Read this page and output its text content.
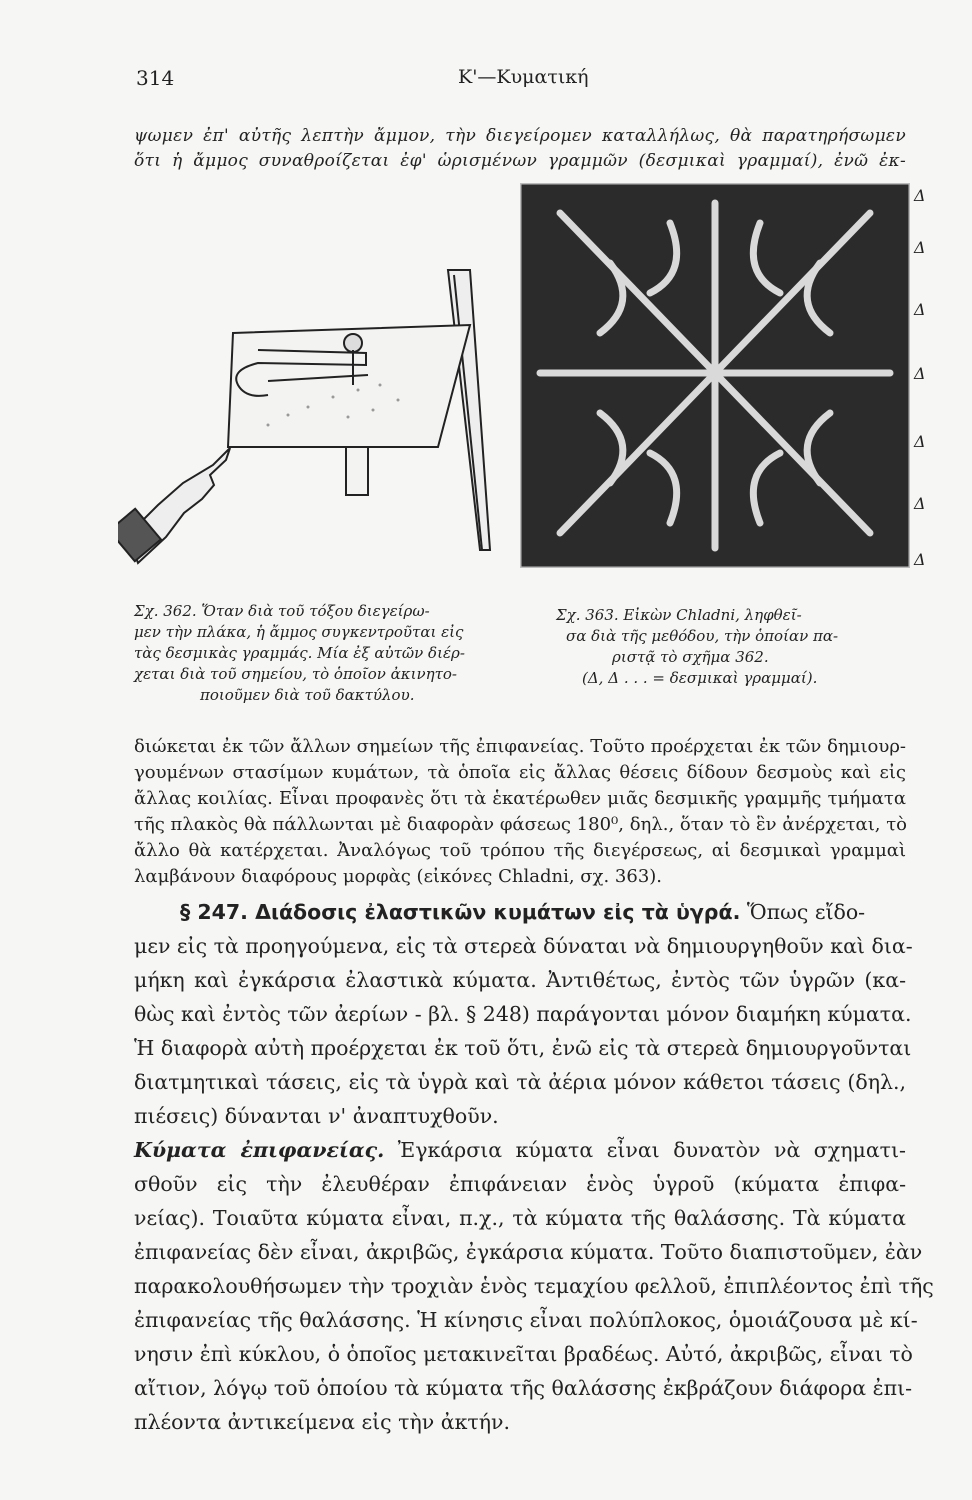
314	Κ'—Κυματική
ψωμεν ἐπ' αὐτῆς λεπτὴν ἄμμον, τὴν διεγείρομεν καταλλήλως, θὰ παρατηρήσωμεν
ὅτι ἡ ἄμμος συναθροίζεται ἐφ' ὡρισμένων γραμμῶν (δεσμικαὶ γραμμαί), ἐνῶ ἐκ-
Σχ. 362. Ὅταν διὰ τοῦ τόξου διεγείρω-
μεν τὴν πλάκα, ἡ ἄμμος συγκεντροῦται εἰς
τὰς δεσμικὰς γραμμάς. Μία ἐξ αὐτῶν διέρ-
χεται διὰ τοῦ σημείου, τὸ ὁποῖον ἀκινητο-
ποιοῦμεν διὰ τοῦ δακτύλου.
Δ
Δ
Δ
Δ
Δ
Δ
Δ
Σχ. 363. Εἰκὼν Chladni, ληφθεῖ-
σα διὰ τῆς μεθόδου, τὴν ὁποίαν πα-
ριστᾷ τὸ σχῆμα 362.
(Δ, Δ . . . = δεσμικαὶ γραμμαί).
διώκεται ἐκ τῶν ἄλλων σημείων τῆς ἐπιφανείας. Τοῦτο προέρχεται ἐκ τῶν δημιουρ-
γουμένων στασίμων κυμάτων, τὰ ὁποῖα εἰς ἄλλας θέσεις δίδουν δεσμοὺς καὶ εἰς
ἄλλας κοιλίας. Εἶναι προφανὲς ὅτι τὰ ἑκατέρωθεν μιᾶς δεσμικῆς γραμμῆς τμήματα
τῆς πλακὸς θὰ πάλλωνται μὲ διαφορὰν φάσεως 180⁰, δηλ., ὅταν τὸ ἓν ἀνέρχεται, τὸ
ἄλλο θὰ κατέρχεται. Ἀναλόγως τοῦ τρόπου τῆς διεγέρσεως, αἱ δεσμικαὶ γραμμαὶ
λαμβάνουν διαφόρους μορφὰς (εἰκόνες Chladni, σχ. 363).
§ 247. Διάδοσις ἐλαστικῶν κυμάτων εἰς τὰ ὑγρά. Ὅπως εἴδο-
μεν εἰς τὰ προηγούμενα, εἰς τὰ στερεὰ δύναται νὰ δημιουργηθοῦν καὶ δια-
μήκη καὶ ἐγκάρσια ἐλαστικὰ κύματα. Ἀντιθέτως, ἐντὸς τῶν ὑγρῶν (κα-
θὼς καὶ ἐντὸς τῶν ἀερίων - βλ. § 248) παράγονται μόνον διαμήκη κύματα.
Ἡ διαφορὰ αὐτὴ προέρχεται ἐκ τοῦ ὅτι, ἐνῶ εἰς τὰ στερεὰ δημιουργοῦνται
διατμητικαὶ τάσεις, εἰς τὰ ὑγρὰ καὶ τὰ ἀέρια μόνον κάθετοι τάσεις (δηλ.,
πιέσεις) δύνανται ν' ἀναπτυχθοῦν.
Κύματα ἐπιφανείας. Ἐγκάρσια κύματα εἶναι δυνατὸν νὰ σχηματι-
σθοῦν εἰς τὴν ἐλευθέραν ἐπιφάνειαν ἑνὸς ὑγροῦ (κύματα ἐπιφα-
νείας). Τοιαῦτα κύματα εἶναι, π.χ., τὰ κύματα τῆς θαλάσσης. Τὰ κύματα
ἐπιφανείας δὲν εἶναι, ἀκριβῶς, ἐγκάρσια κύματα. Τοῦτο διαπιστοῦμεν, ἐὰν
παρακολουθήσωμεν τὴν τροχιὰν ἑνὸς τεμαχίου φελλοῦ, ἐπιπλέοντος ἐπὶ τῆς
ἐπιφανείας τῆς θαλάσσης. Ἡ κίνησις εἶναι πολύπλοκος, ὁμοιάζουσα μὲ κί-
νησιν ἐπὶ κύκλου, ὁ ὁποῖος μετακινεῖται βραδέως. Αὐτό, ἀκριβῶς, εἶναι τὸ
αἴτιον, λόγῳ τοῦ ὁποίου τὰ κύματα τῆς θαλάσσης ἐκβράζουν διάφορα ἐπι-
πλέοντα ἀντικείμενα εἰς τὴν ἀκτήν.
